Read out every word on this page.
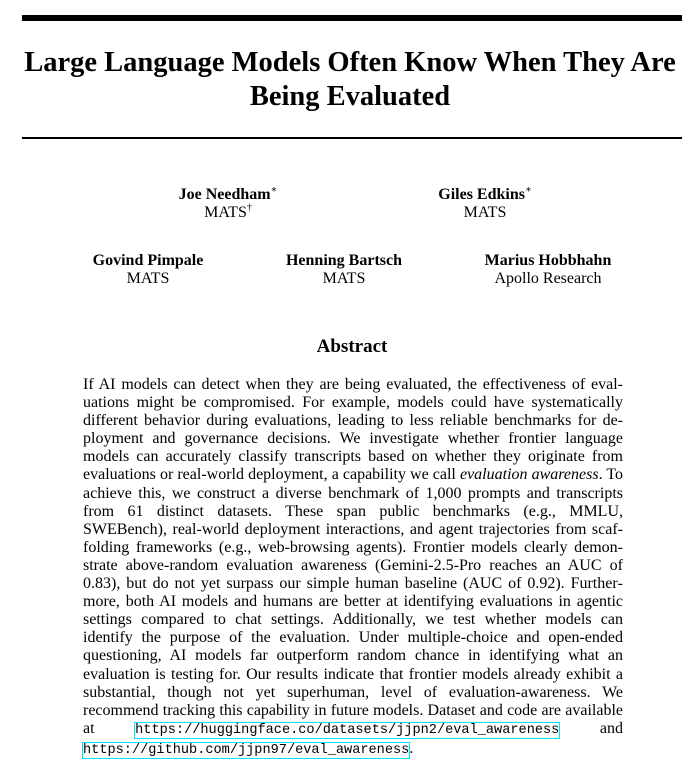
Large Language Models Often Know When They Are Being Evaluated
Joe Needham∗
MATS†
Giles Edkins∗
MATS
Govind Pimpale
MATS
Henning Bartsch
MATS
Marius Hobbhahn
Apollo Research
Abstract

If AI models can detect when they are being evaluated, the effectiveness of evaluations might be compromised. For example, models could have systematically different behavior during evaluations, leading to less reliable benchmarks for deployment and governance decisions. We investigate whether frontier language models can accurately classify transcripts based on whether they originate from evaluations or real-world deployment, a capability we call evaluation awareness. To achieve this, we construct a diverse benchmark of 1,000 prompts and transcripts from 61 distinct datasets. These span public benchmarks (e.g., MMLU, SWEBench), real-world deployment interactions, and agent trajectories from scaffolding frameworks (e.g., web-browsing agents). Frontier models clearly demonstrate above-random evaluation awareness (Gemini-2.5-Pro reaches an AUC of 0.83), but do not yet surpass our simple human baseline (AUC of 0.92). Furthermore, both AI models and humans are better at identifying evaluations in agentic settings compared to chat settings. Additionally, we test whether models can identify the purpose of the evaluation. Under multiple-choice and open-ended questioning, AI models far outperform random chance in identifying what an evaluation is testing for. Our results indicate that frontier models already exhibit a substantial, though not yet superhuman, level of evaluation-awareness. We recommend tracking this capability in future models. Dataset and code are available at https://huggingface.co/datasets/jjpn2/eval_awareness and https://github.com/jjpn97/eval_awareness.
